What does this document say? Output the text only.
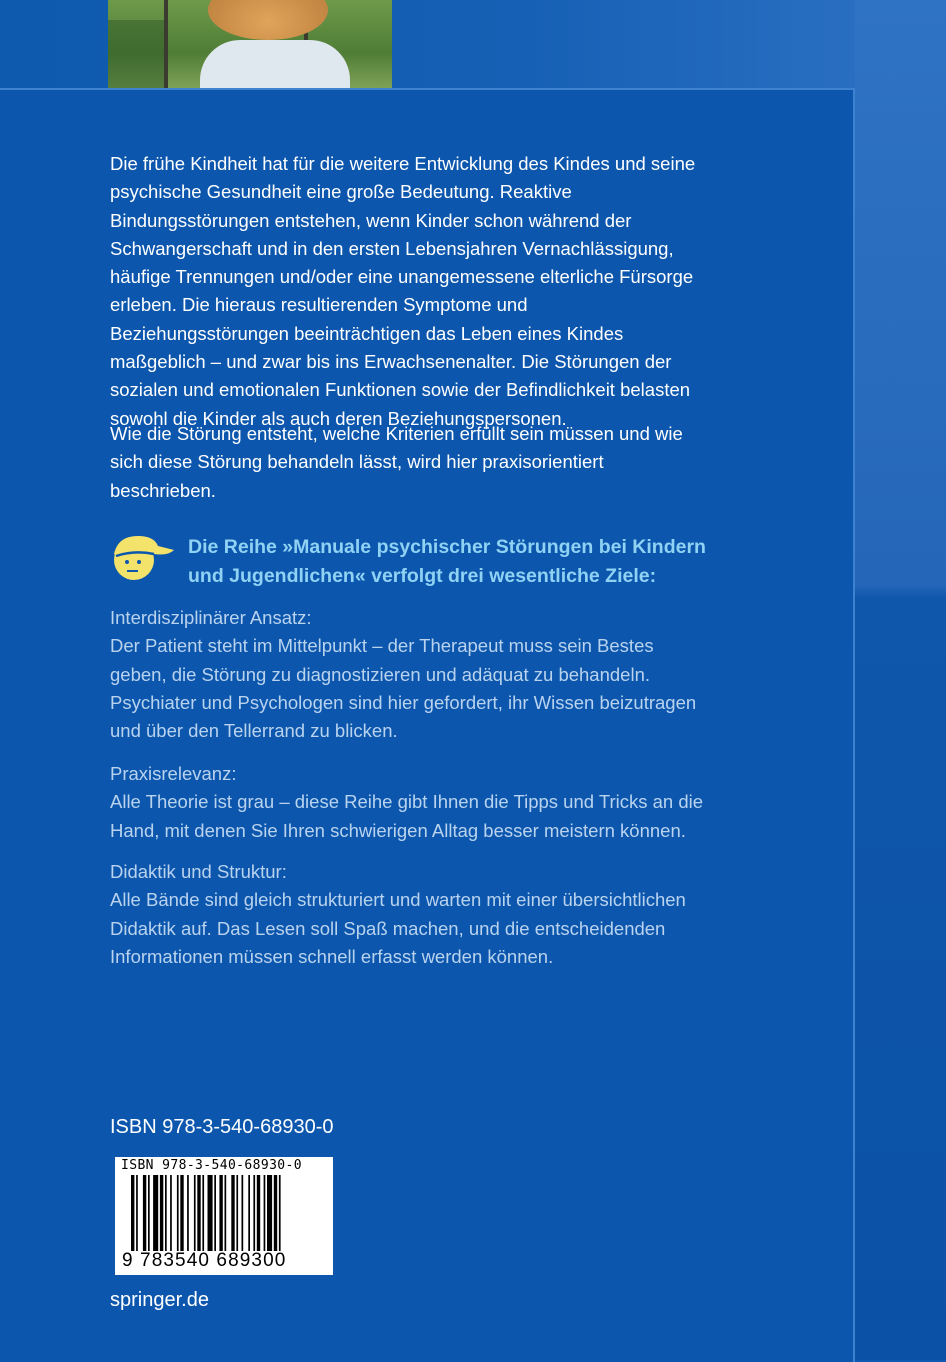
Die frühe Kindheit hat für die weitere Entwicklung des Kindes und seine psychische Gesundheit eine große Bedeutung. Reaktive Bindungsstörungen entstehen, wenn Kinder schon während der Schwangerschaft und in den ersten Lebensjahren Vernachlässigung, häufige Trennungen und/oder eine unangemessene elterliche Fürsorge erleben. Die hieraus resultierenden Symptome und Beziehungsstörungen beeinträchtigen das Leben eines Kindes maßgeblich – und zwar bis ins Erwachsenenalter. Die Störungen der sozialen und emotionalen Funktionen sowie der Befindlichkeit belasten sowohl die Kinder als auch deren Beziehungspersonen.

Wie die Störung entsteht, welche Kriterien erfüllt sein müssen und wie sich diese Störung behandeln lässt, wird hier praxisorientiert beschrieben.

Die Reihe »Manuale psychischer Störungen bei Kindern und Jugendlichen« verfolgt drei wesentliche Ziele:
Interdisziplinärer Ansatz:
Der Patient steht im Mittelpunkt – der Therapeut muss sein Bestes geben, die Störung zu diagnostizieren und adäquat zu behandeln. Psychiater und Psychologen sind hier gefordert, ihr Wissen beizutragen und über den Tellerrand zu blicken.
Praxisrelevanz:
Alle Theorie ist grau – diese Reihe gibt Ihnen die Tipps und Tricks an die Hand, mit denen Sie Ihren schwierigen Alltag besser meistern können.
Didaktik und Struktur:
Alle Bände sind gleich strukturiert und warten mit einer übersichtlichen Didaktik auf. Das Lesen soll Spaß machen, und die entscheidenden Informationen müssen schnell erfasst werden können.
ISBN 978-3-540-68930-0
ISBN 978-3-540-68930-0
9 783540 689300
springer.de
